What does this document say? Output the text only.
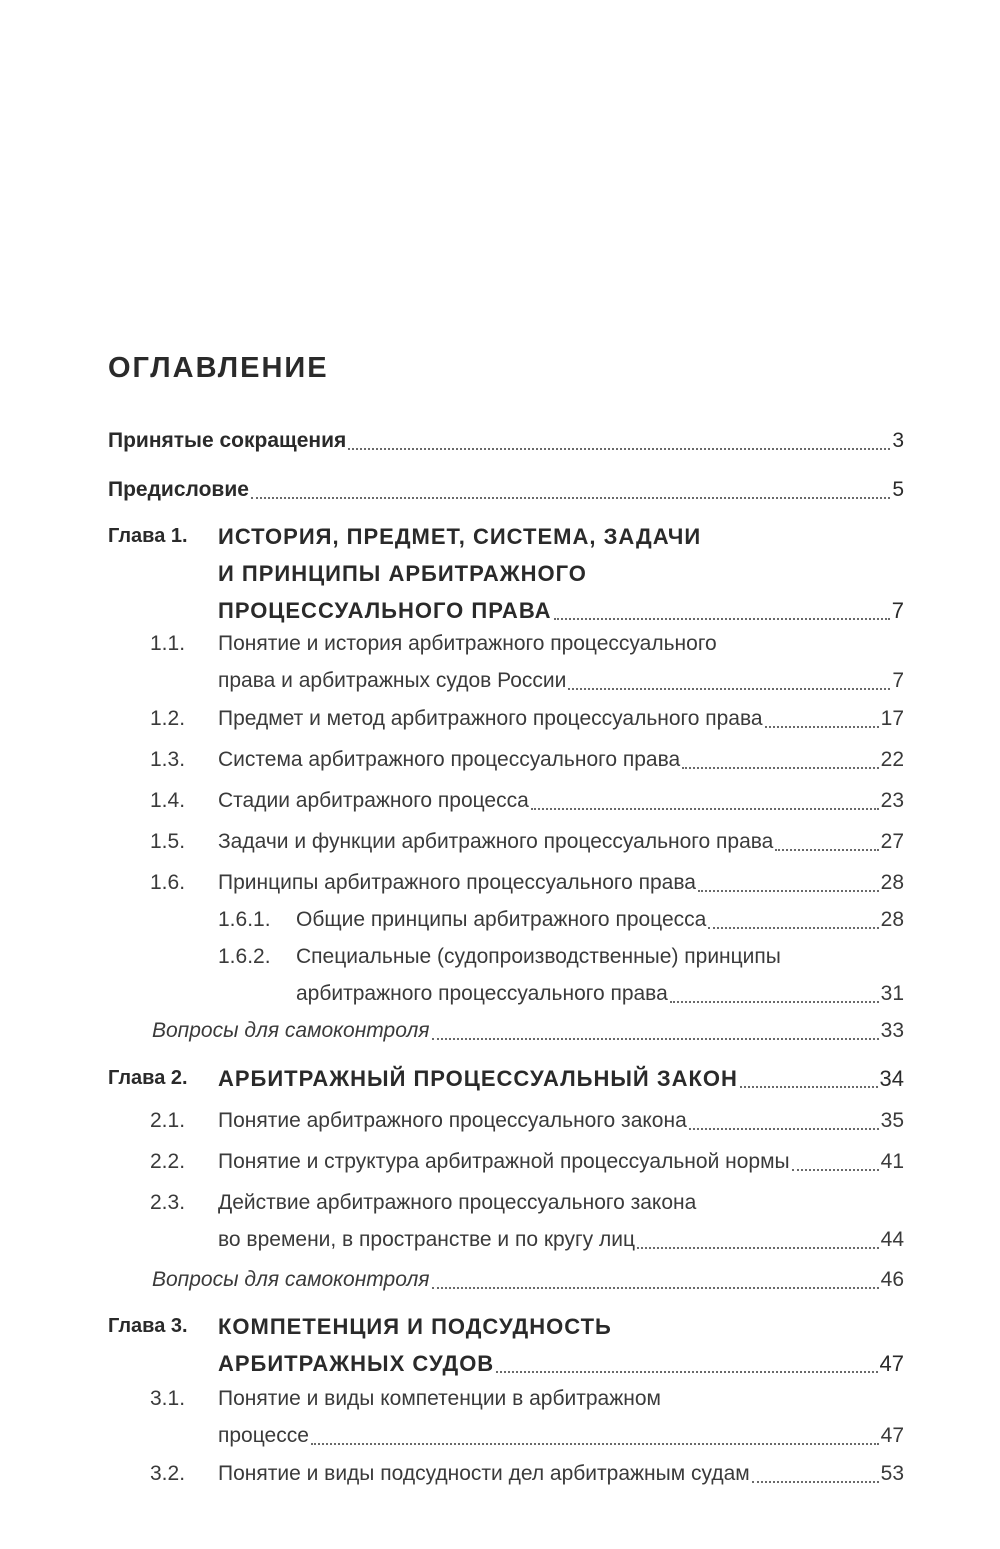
ОГЛАВЛЕНИЕ
Принятые сокращения	3
Предисловие	5
Глава 1.	ИСТОРИЯ, ПРЕДМЕТ, СИСТЕМА, ЗАДАЧИ
И ПРИНЦИПЫ АРБИТРАЖНОГО
ПРОЦЕССУАЛЬНОГО ПРАВА	7
1.1.	Понятие и история арбитражного процессуального
права и арбитражных судов России	7
1.2.	Предмет и метод арбитражного процессуального права	17
1.3.	Система арбитражного процессуального права	22
1.4.	Стадии арбитражного процесса	23
1.5.	Задачи и функции арбитражного процессуального права	27
1.6.	Принципы арбитражного процессуального права	28
1.6.1.	Общие принципы арбитражного процесса	28
1.6.2.	Специальные (судопроизводственные) принципы
арбитражного процессуального права	31
Вопросы для самоконтроля	33
Глава 2.	АРБИТРАЖНЫЙ ПРОЦЕССУАЛЬНЫЙ ЗАКОН	34
2.1.	Понятие арбитражного процессуального закона	35
2.2.	Понятие и структура арбитражной процессуальной нормы	41
2.3.	Действие арбитражного процессуального закона
во времени, в пространстве и по кругу лиц	44
Вопросы для самоконтроля	46
Глава 3.	КОМПЕТЕНЦИЯ И ПОДСУДНОСТЬ
АРБИТРАЖНЫХ СУДОВ	47
3.1.	Понятие и виды компетенции в арбитражном
процессе	47
3.2.	Понятие и виды подсудности дел арбитражным судам	53
